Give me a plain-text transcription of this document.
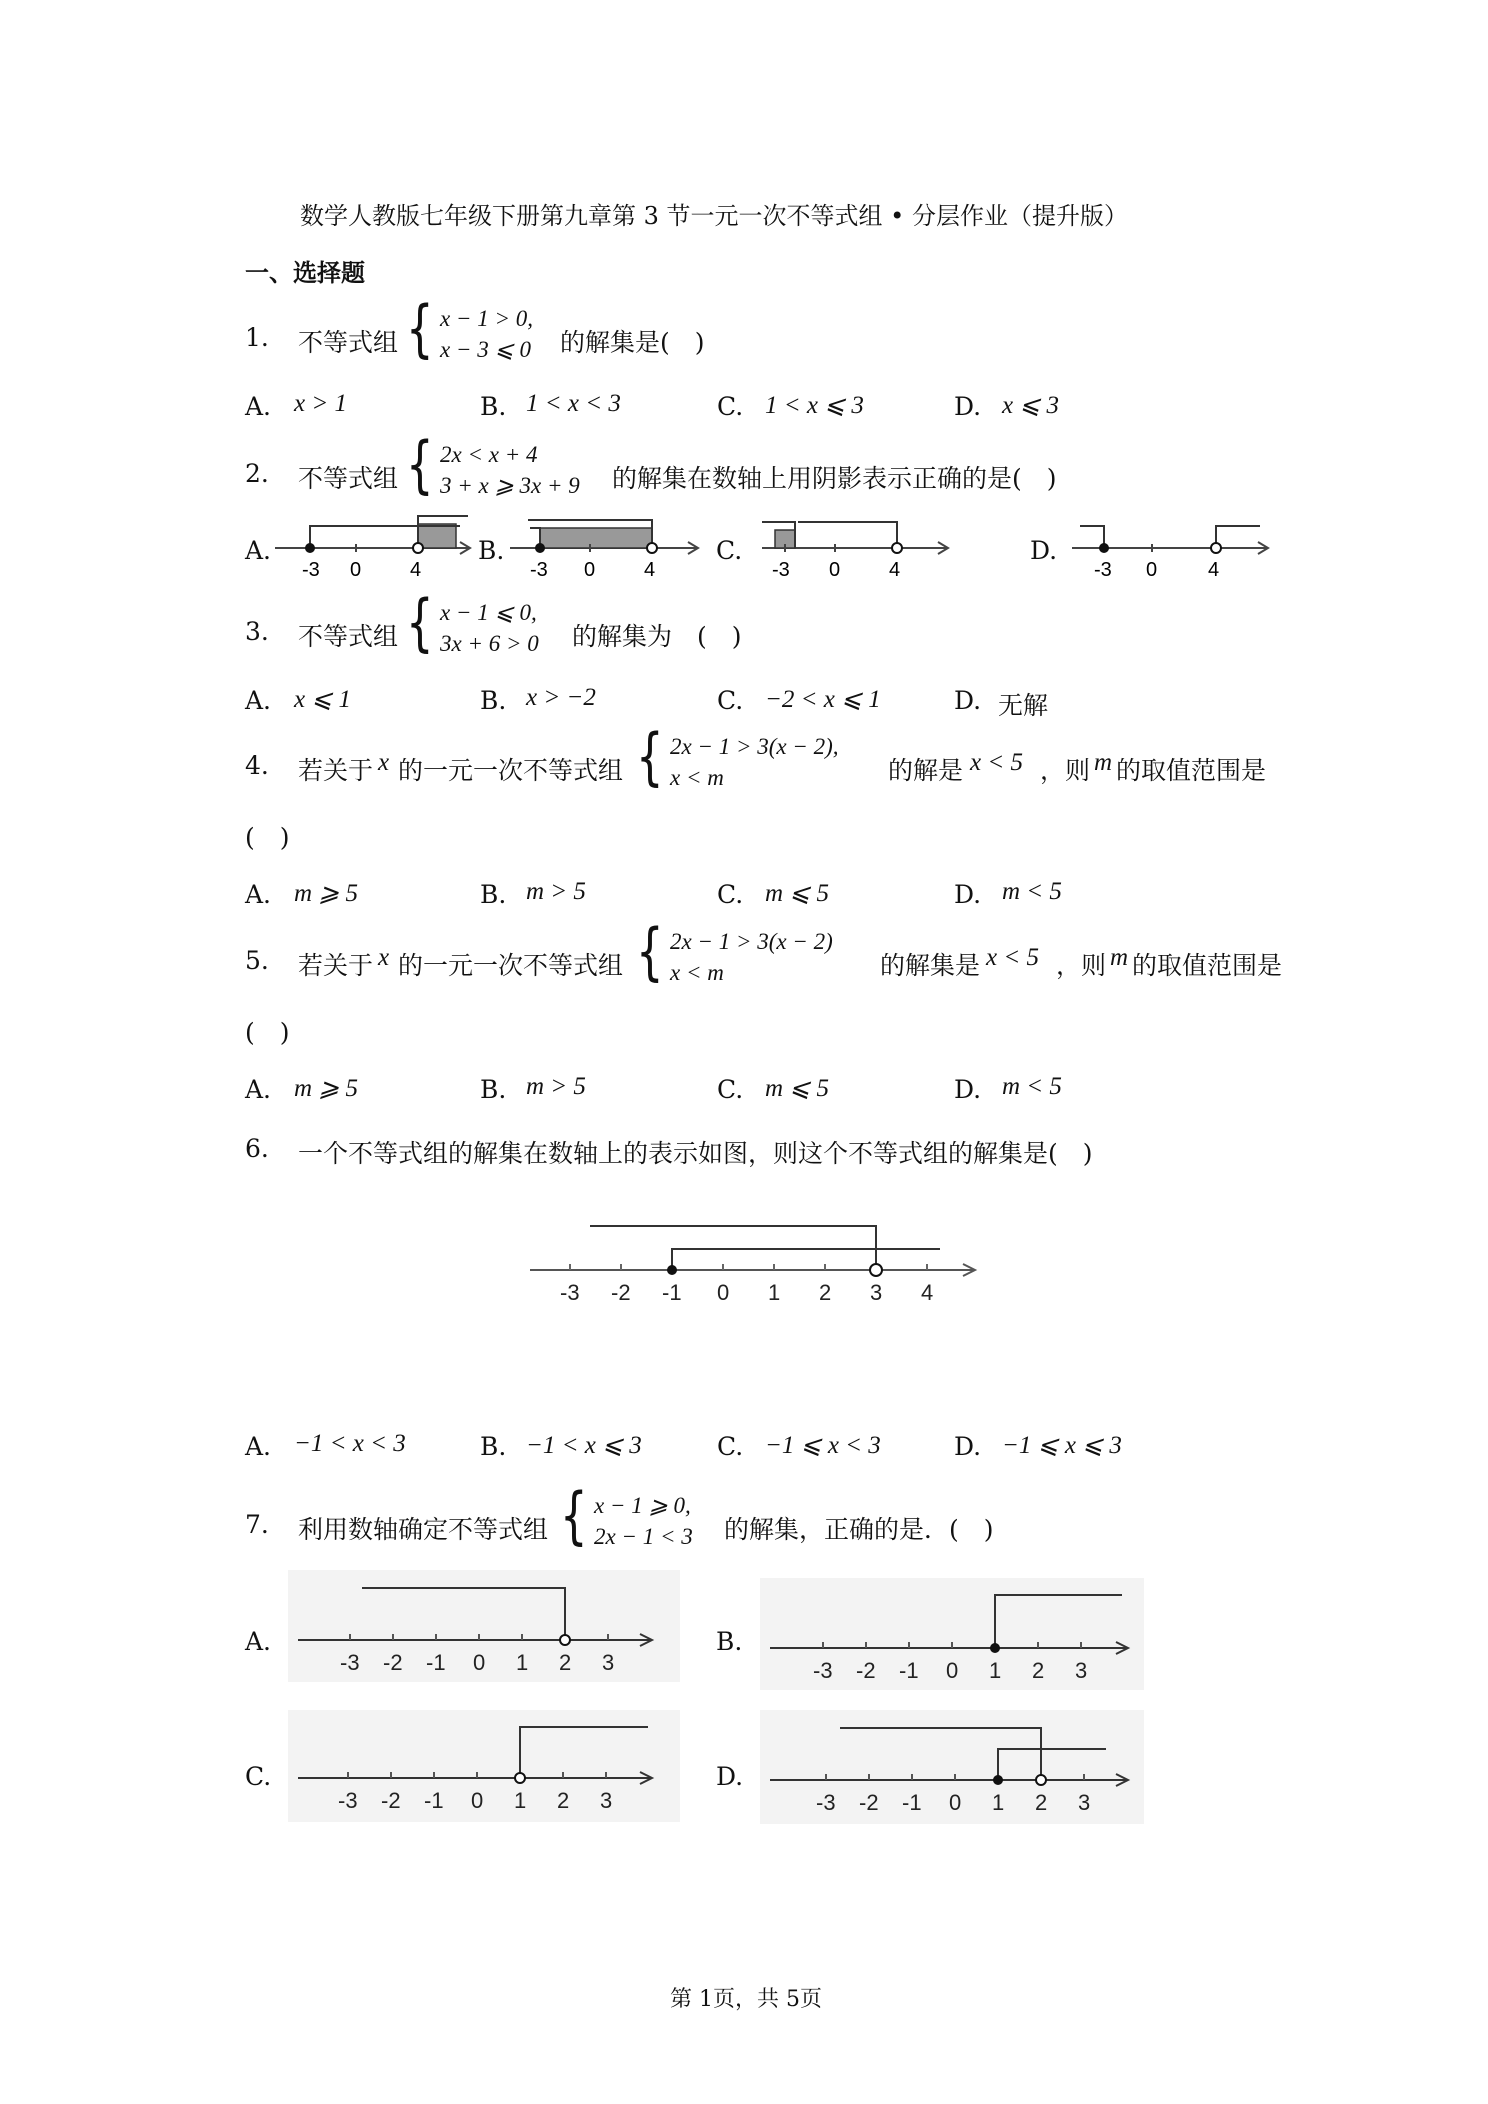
数学人教版七年级下册第九章第 3 节一元一次不等式组 • 分层作业（提升版）
一、选择题
1. 不等式组 { x − 1 > 0,
x − 3 ⩽ 0 的解集是(　)
A. x > 1	B. 1 < x < 3	C. 1 < x ⩽ 3	D. x ⩽ 3
2. 不等式组 { 2x < x + 4
3 + x ⩾ 3x + 9 的解集在数轴上用阴影表示正确的是(　)
A.	B.	C.	D.
-3 0 4	-3 0 4	-3 0 4	-3 0	4
3. 不等式组 { x − 1 ⩽ 0,
3x + 6 > 0 的解集为　(　)
A. x ⩽ 1	B. x > −2	C. −2 < x ⩽ 1	D. 无解
4. 若关于 x 的一元一次不等式组 { 2x − 1 > 3(x − 2),
x < m	的解是 x < 5 ，则 m 的取值范围是
(　)
A. m ⩾ 5	B. m > 5	C. m ⩽ 5	D. m < 5
5. 若关于 x 的一元一次不等式组 { 2x − 1 > 3(x − 2)
x < m	的解集是 x < 5 ，则 m 的取值范围是
(　)
A. m ⩾ 5	B. m > 5	C. m ⩽ 5	D. m < 5
6. 一个不等式组的解集在数轴上的表示如图，则这个不等式组的解集是(　)
-3 -2 -1 0 1 2 3 4
A. −1 < x < 3	B. −1 < x ⩽ 3	C. −1 ⩽ x < 3	D. −1 ⩽ x ⩽ 3
7. 利用数轴确定不等式组 { x − 1 ⩾ 0,
2x − 1 < 3 的解集，正确的是．(　)
A.	B.
C.	D.
-3 -2 -1 0 1 2 3	-3 -2 -1 0 1 2 3
-3 -2 -1 0 1 2 3	-3 -2 -1 0 1 2 3
第 1页，共 5页
